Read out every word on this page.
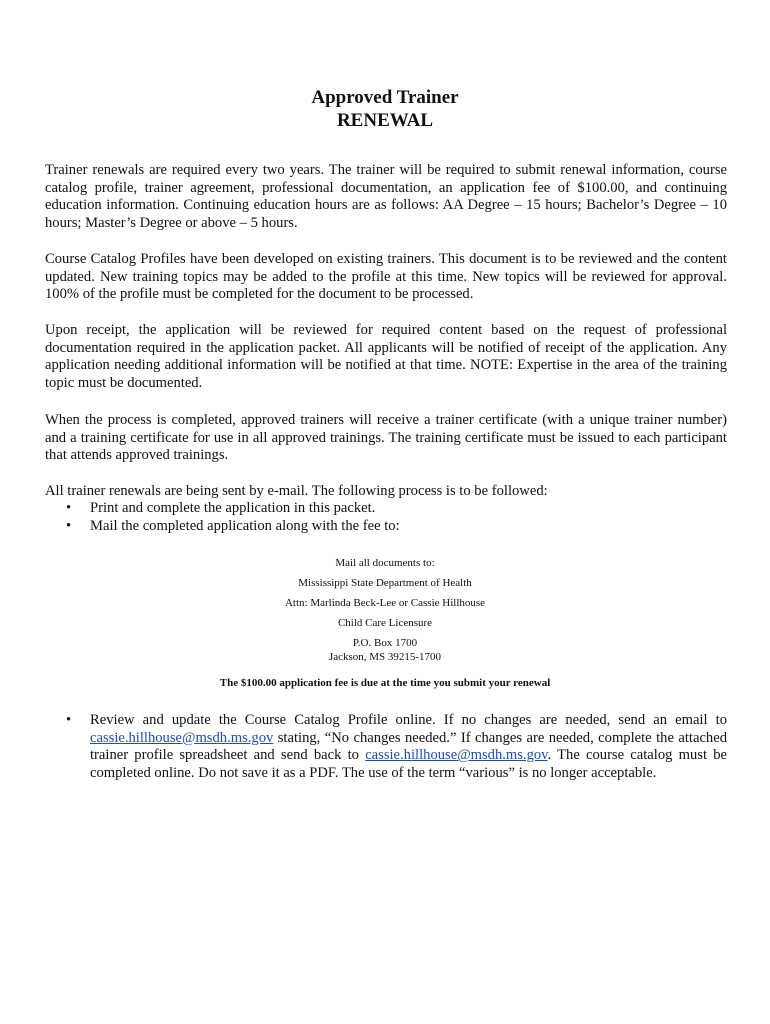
Approved Trainer
RENEWAL
Trainer renewals are required every two years. The trainer will be required to submit renewal information, course catalog profile, trainer agreement, professional documentation, an application fee of $100.00, and continuing education information. Continuing education hours are as follows: AA Degree – 15 hours; Bachelor’s Degree – 10 hours; Master’s Degree or above – 5 hours.
Course Catalog Profiles have been developed on existing trainers. This document is to be reviewed and the content updated. New training topics may be added to the profile at this time. New topics will be reviewed for approval. 100% of the profile must be completed for the document to be processed.
Upon receipt, the application will be reviewed for required content based on the request of professional documentation required in the application packet. All applicants will be notified of receipt of the application. Any application needing additional information will be notified at that time. NOTE: Expertise in the area of the training topic must be documented.
When the process is completed, approved trainers will receive a trainer certificate (with a unique trainer number) and a training certificate for use in all approved trainings. The training certificate must be issued to each participant that attends approved trainings.
All trainer renewals are being sent by e-mail. The following process is to be followed:
• Print and complete the application in this packet.
• Mail the completed application along with the fee to:
Mail all documents to:
Mississippi State Department of Health
Attn: Marlinda Beck-Lee or Cassie Hillhouse
Child Care Licensure
P.O. Box 1700
Jackson, MS 39215-1700
The $100.00 application fee is due at the time you submit your renewal
• Review and update the Course Catalog Profile online. If no changes are needed, send an email to cassie.hillhouse@msdh.ms.gov stating, “No changes needed.” If changes are needed, complete the attached trainer profile spreadsheet and send back to cassie.hillhouse@msdh.ms.gov. The course catalog must be completed online. Do not save it as a PDF. The use of the term “various” is no longer acceptable.
